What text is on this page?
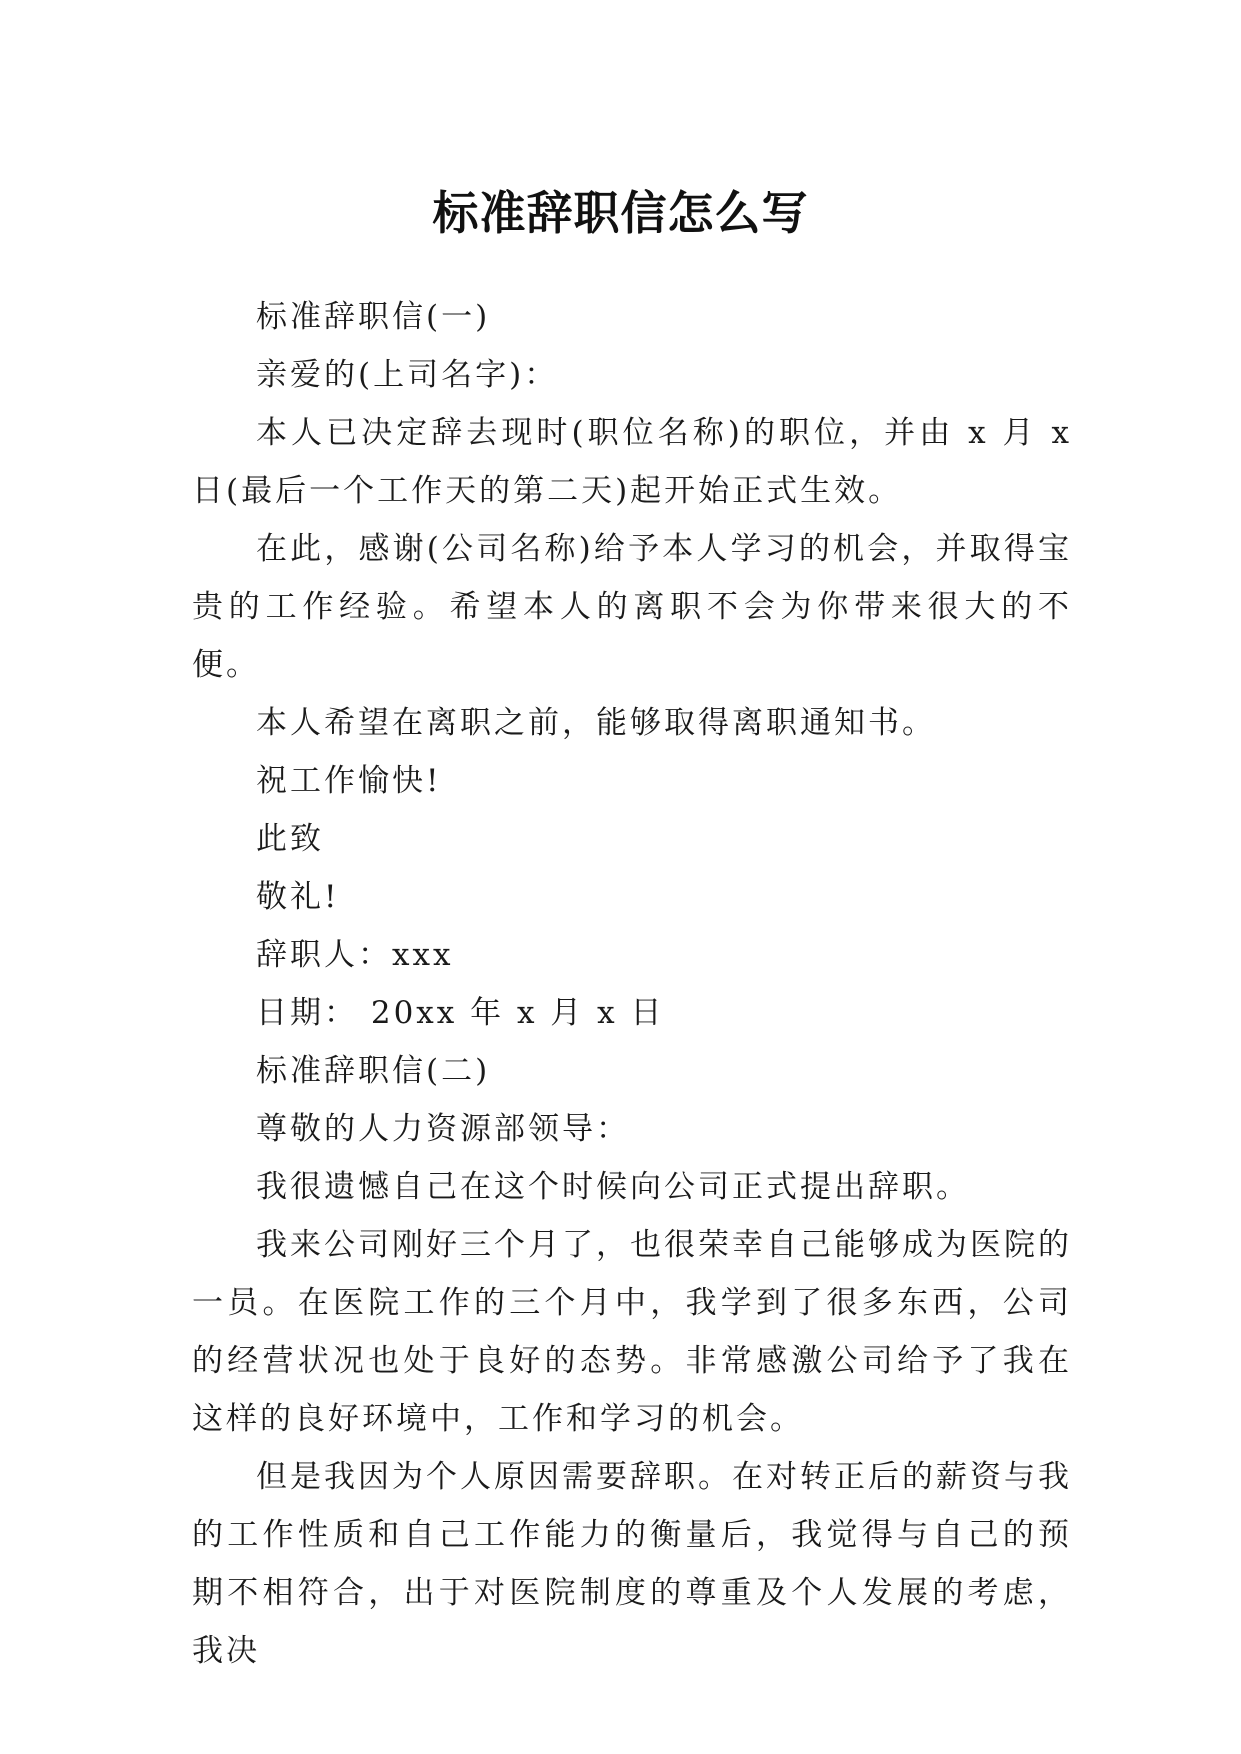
标准辞职信怎么写

标准辞职信(一)

亲爱的(上司名字)：

本人已决定辞去现时(职位名称)的职位，并由 x 月 x 日(最后一个工作天的第二天)起开始正式生效。

在此，感谢(公司名称)给予本人学习的机会，并取得宝贵的工作经验。希望本人的离职不会为你带来很大的不便。

本人希望在离职之前，能够取得离职通知书。

祝工作愉快!

此致

敬礼!

辞职人：xxx

日期： 20xx 年 x 月 x 日

标准辞职信(二)

尊敬的人力资源部领导：

我很遗憾自己在这个时候向公司正式提出辞职。

我来公司刚好三个月了，也很荣幸自己能够成为医院的一员。在医院工作的三个月中，我学到了很多东西，公司的经营状况也处于良好的态势。非常感激公司给予了我在这样的良好环境中，工作和学习的机会。

但是我因为个人原因需要辞职。在对转正后的薪资与我的工作性质和自己工作能力的衡量后，我觉得与自己的预期不相符合，出于对医院制度的尊重及个人发展的考虑，我决
